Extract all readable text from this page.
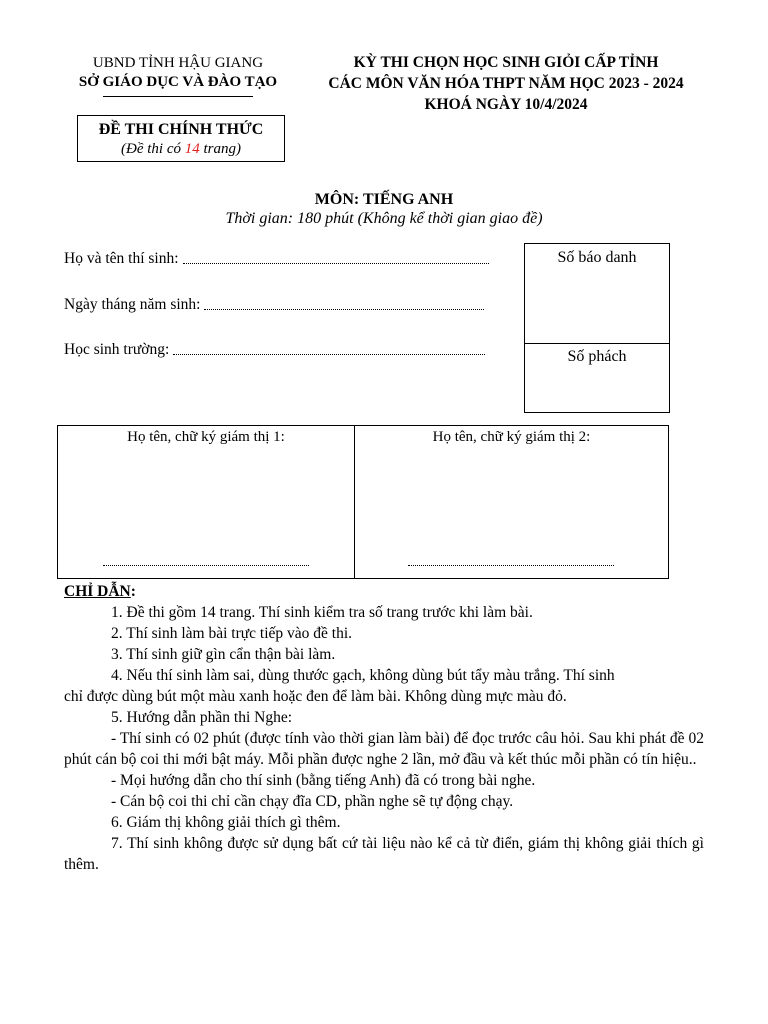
UBND TỈNH HẬU GIANG
SỞ GIÁO DỤC VÀ ĐÀO TẠO
KỲ THI CHỌN HỌC SINH GIỎI CẤP TỈNH
CÁC MÔN VĂN HÓA THPT NĂM HỌC 2023 - 2024
KHOÁ NGÀY 10/4/2024
ĐỀ THI CHÍNH THỨC
(Đề thi có 14 trang)
MÔN: TIẾNG ANH
Thời gian: 180 phút (Không kể thời gian giao đề)
Họ và tên thí sinh:
Ngày tháng năm sinh:
Học sinh trường:
Số báo danh
Số phách
Họ tên, chữ ký giám thị 1:	Họ tên, chữ ký giám thị 2:

CHỈ DẪN:

1. Đề thi gồm 14 trang. Thí sinh kiểm tra số trang trước khi làm bài.

2. Thí sinh làm bài trực tiếp vào đề thi.

3. Thí sinh giữ gìn cẩn thận bài làm.

4. Nếu thí sinh làm sai, dùng thước gạch, không dùng bút tẩy màu trắng. Thí sinh

chỉ được dùng bút một màu xanh hoặc đen để làm bài. Không dùng mực màu đỏ.

5. Hướng dẫn phần thi Nghe:

- Thí sinh có 02 phút (được tính vào thời gian làm bài) để đọc trước câu hỏi. Sau khi phát đề 02 phút cán bộ coi thi mới bật máy. Mỗi phần được nghe 2 lần, mở đầu và kết thúc mỗi phần có tín hiệu..

- Mọi hướng dẫn cho thí sinh (bằng tiếng Anh) đã có trong bài nghe.

- Cán bộ coi thi chỉ cần chạy đĩa CD, phần nghe sẽ tự động chạy.

6. Giám thị không giải thích gì thêm.

7. Thí sinh không được sử dụng bất cứ tài liệu nào kể cả từ điển, giám thị không giải thích gì thêm.
